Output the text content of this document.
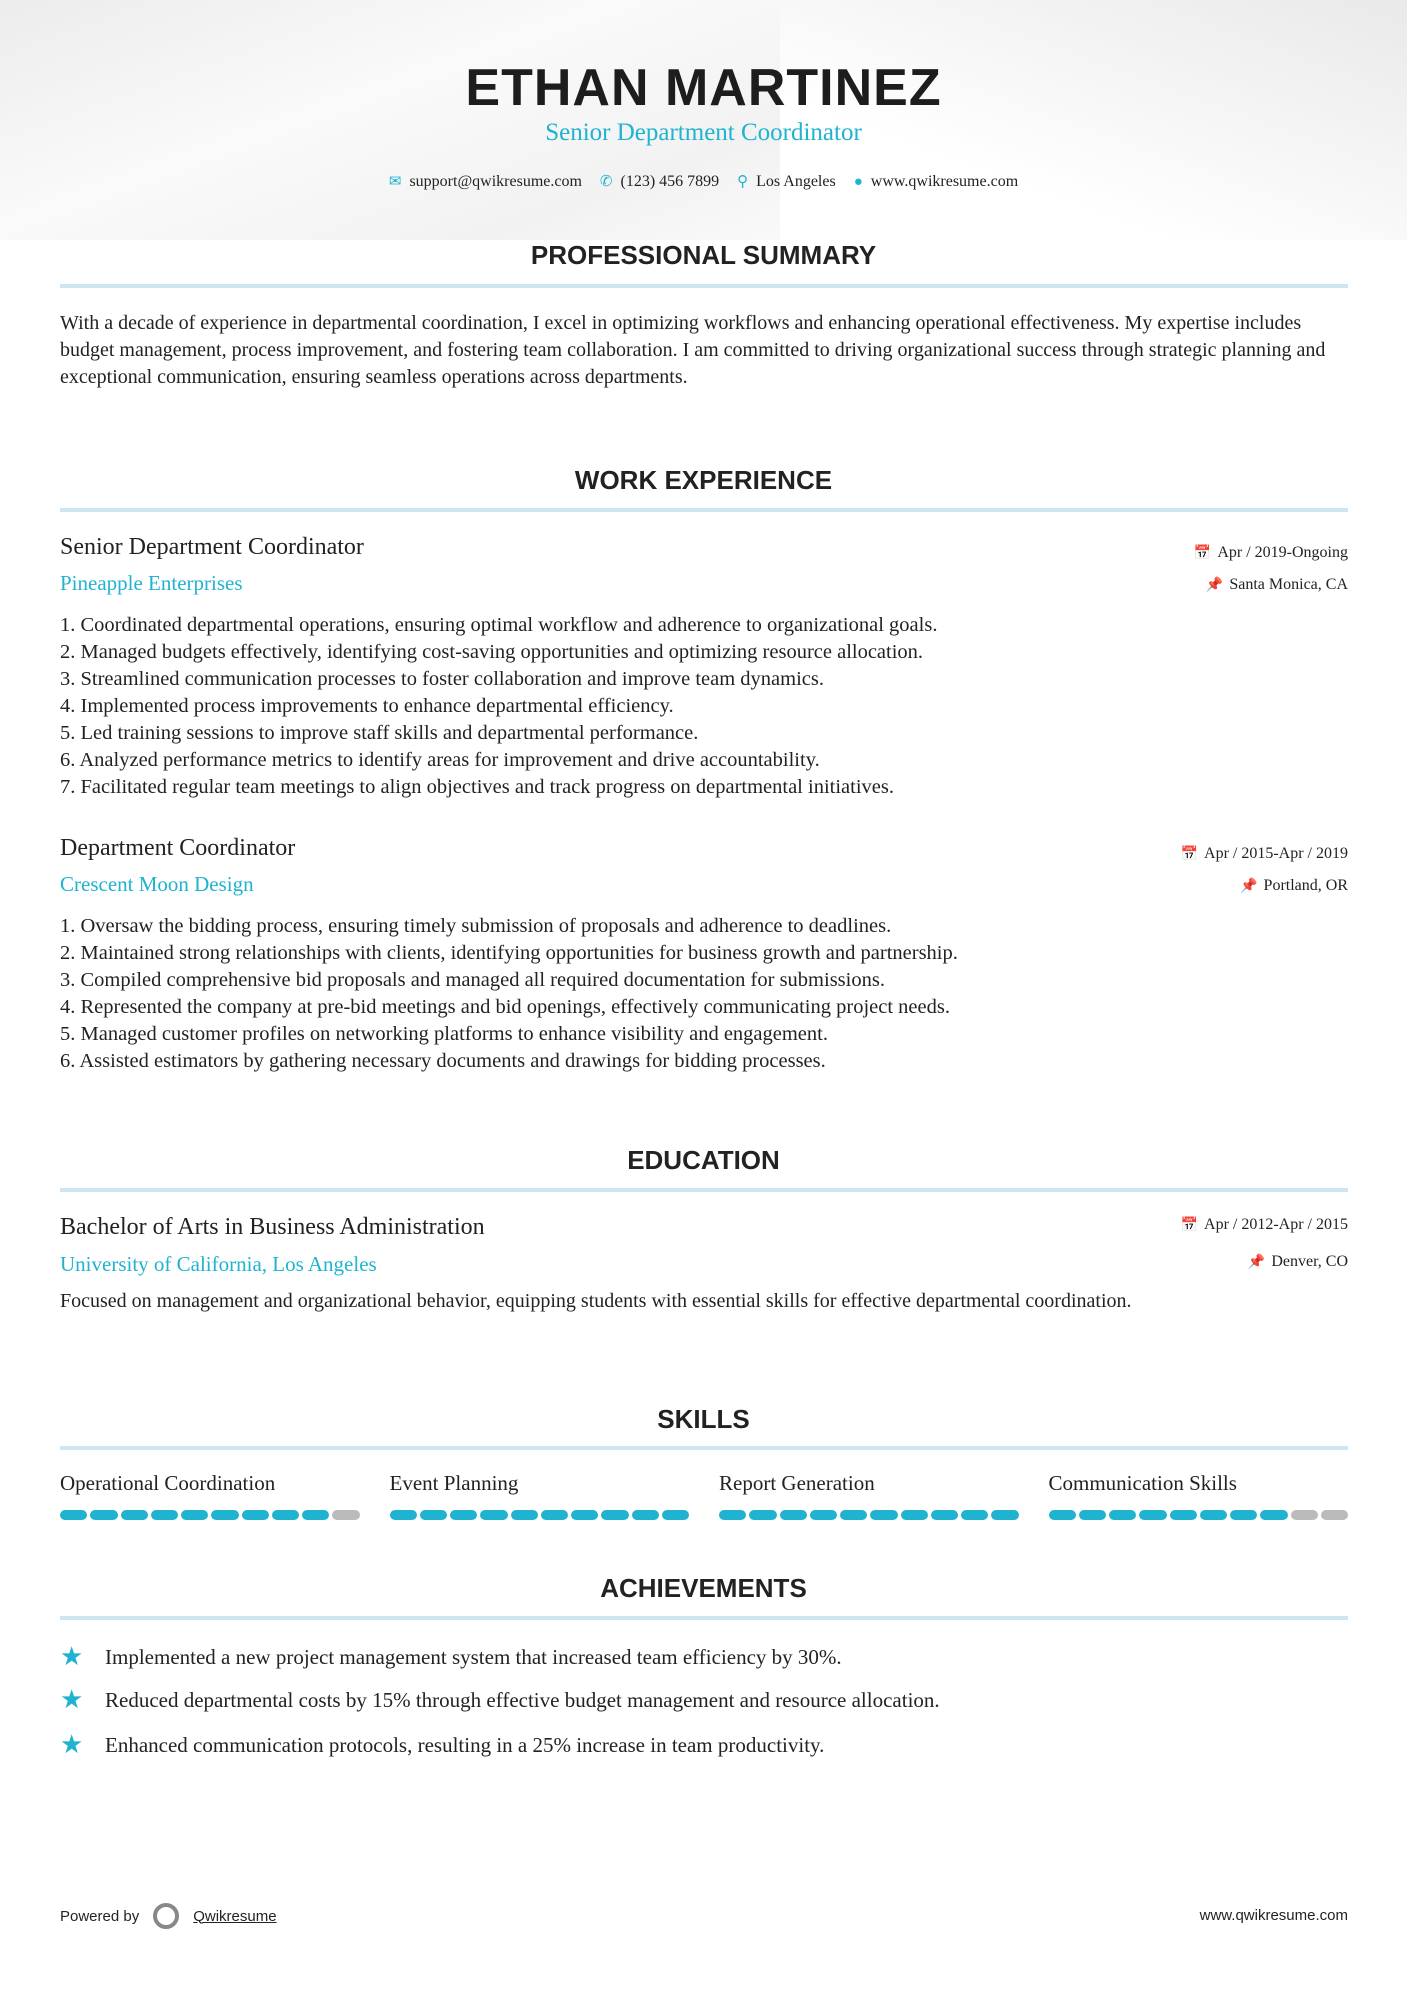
ETHAN MARTINEZ
Senior Department Coordinator
✉ support@qwikresume.com ✆ (123) 456 7899 ⚲ Los Angeles ● www.qwikresume.com
PROFESSIONAL SUMMARY
With a decade of experience in departmental coordination, I excel in optimizing workflows and enhancing operational effectiveness. My expertise includes budget management, process improvement, and fostering team collaboration. I am committed to driving organizational success through strategic planning and exceptional communication, ensuring seamless operations across departments.
WORK EXPERIENCE
Senior Department Coordinator
Pineapple Enterprises
📅 Apr / 2019-Ongoing
📌 Santa Monica, CA
1. Coordinated departmental operations, ensuring optimal workflow and adherence to organizational goals.
2. Managed budgets effectively, identifying cost-saving opportunities and optimizing resource allocation.
3. Streamlined communication processes to foster collaboration and improve team dynamics.
4. Implemented process improvements to enhance departmental efficiency.
5. Led training sessions to improve staff skills and departmental performance.
6. Analyzed performance metrics to identify areas for improvement and drive accountability.
7. Facilitated regular team meetings to align objectives and track progress on departmental initiatives.
Department Coordinator
Crescent Moon Design
📅 Apr / 2015-Apr / 2019
📌 Portland, OR
1. Oversaw the bidding process, ensuring timely submission of proposals and adherence to deadlines.
2. Maintained strong relationships with clients, identifying opportunities for business growth and partnership.
3. Compiled comprehensive bid proposals and managed all required documentation for submissions.
4. Represented the company at pre-bid meetings and bid openings, effectively communicating project needs.
5. Managed customer profiles on networking platforms to enhance visibility and engagement.
6. Assisted estimators by gathering necessary documents and drawings for bidding processes.
EDUCATION
Bachelor of Arts in Business Administration
University of California, Los Angeles
📅 Apr / 2012-Apr / 2015
📌 Denver, CO
Focused on management and organizational behavior, equipping students with essential skills for effective departmental coordination.
SKILLS
Operational Coordination	Event Planning	Report Generation	Communication Skills
ACHIEVEMENTS
★	Implemented a new project management system that increased team efficiency by 30%.
★	Reduced departmental costs by 15% through effective budget management and resource allocation.
★	Enhanced communication protocols, resulting in a 25% increase in team productivity.
Powered by	Qwikresume	www.qwikresume.com
